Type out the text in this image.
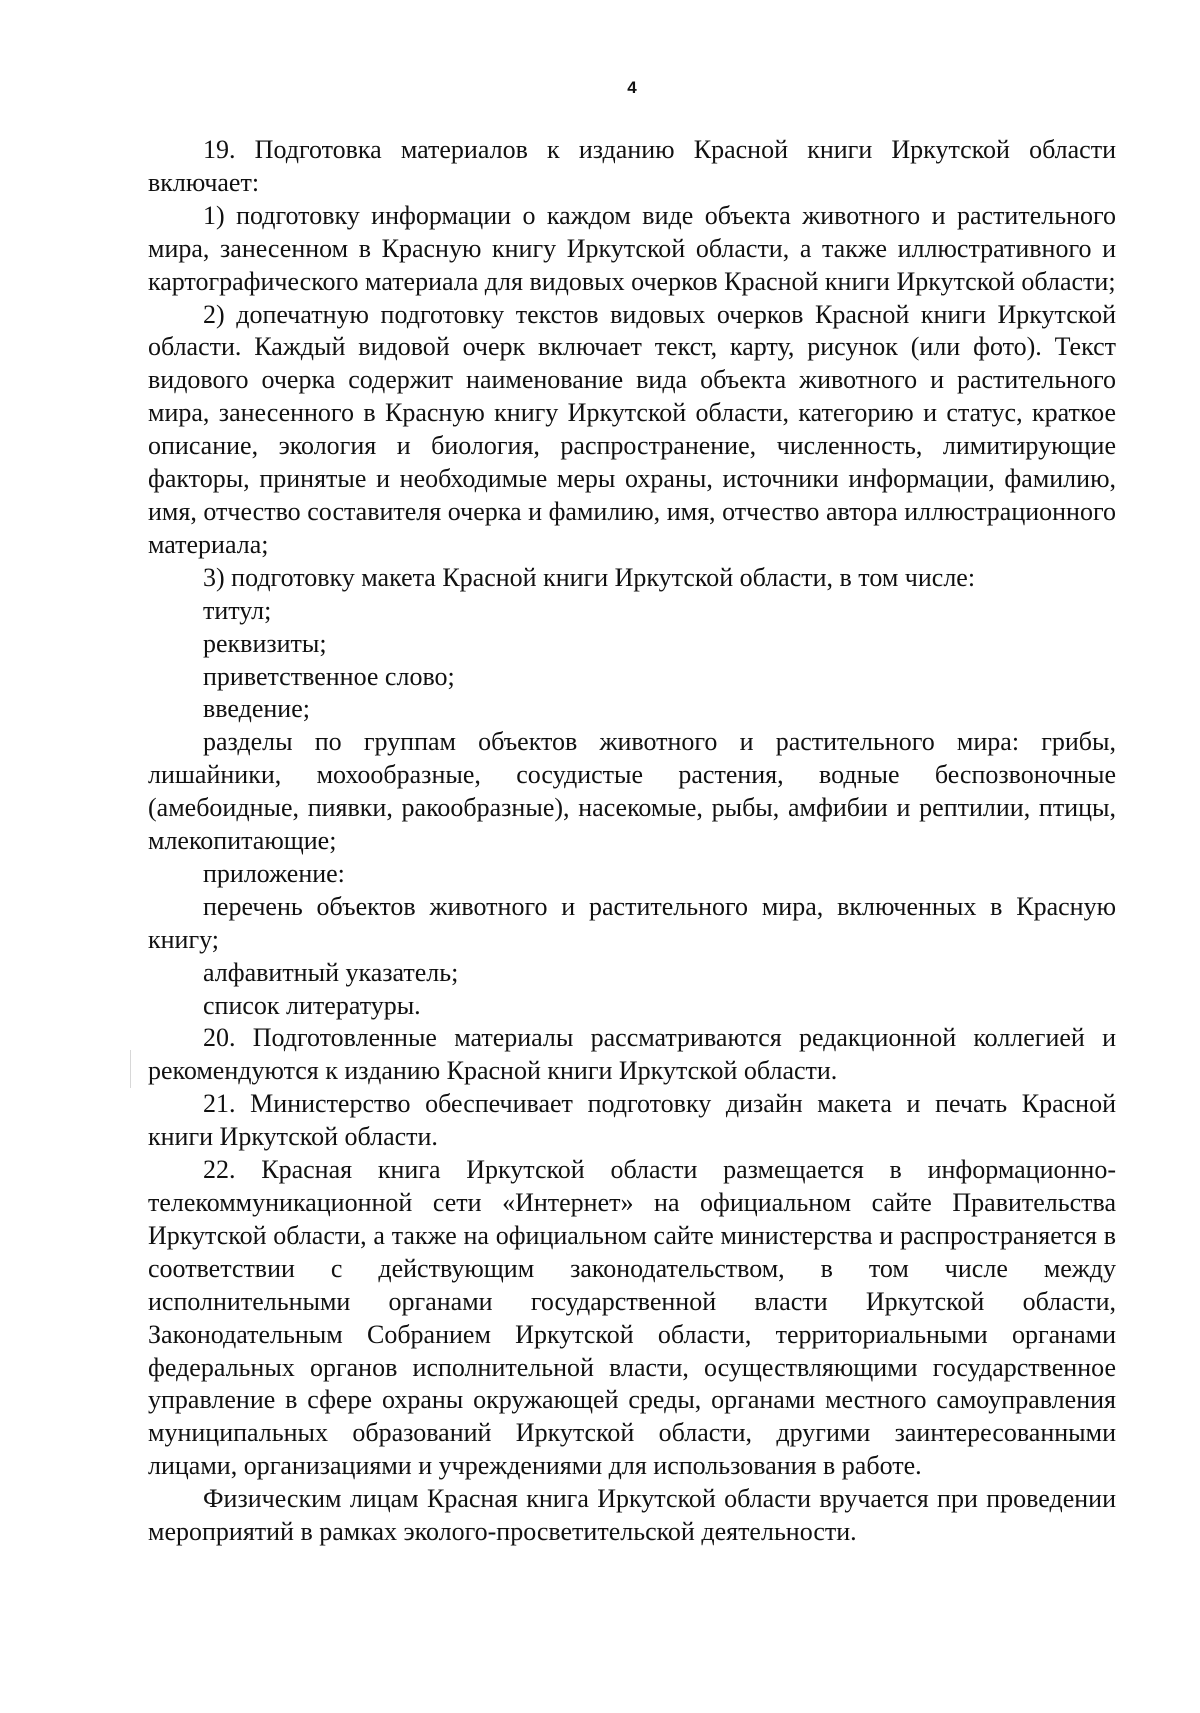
4

19. Подготовка материалов к изданию Красной книги Иркутской области включает:

1) подготовку информации о каждом виде объекта животного и растительного мира, занесенном в Красную книгу Иркутской области, а также иллюстративного и картографического материала для видовых очерков Красной книги Иркутской области;

2) допечатную подготовку текстов видовых очерков Красной книги Иркутской области. Каждый видовой очерк включает текст, карту, рисунок (или фото). Текст видового очерка содержит наименование вида объекта животного и растительного мира, занесенного в Красную книгу Иркутской области, категорию и статус, краткое описание, экология и биология, распространение, численность, лимитирующие факторы, принятые и необходимые меры охраны, источники информации, фамилию, имя, отчество составителя очерка и фамилию, имя, отчество автора иллюстрационного материала;

3) подготовку макета Красной книги Иркутской области, в том числе:

титул;

реквизиты;

приветственное слово;

введение;

разделы по группам объектов животного и растительного мира: грибы, лишайники, мохообразные, сосудистые растения, водные беспозвоночные (амебоидные, пиявки, ракообразные), насекомые, рыбы, амфибии и рептилии, птицы, млекопитающие;

приложение:

перечень объектов животного и растительного мира, включенных в Красную книгу;

алфавитный указатель;

список литературы.

20. Подготовленные материалы рассматриваются редакционной коллегией и рекомендуются к изданию Красной книги Иркутской области.

21. Министерство обеспечивает подготовку дизайн макета и печать Красной книги Иркутской области.

22. Красная книга Иркутской области размещается в информационно-телекоммуникационной сети «Интернет» на официальном сайте Правительства Иркутской области, а также на официальном сайте министерства и распространяется в соответствии с действующим законодательством, в том числе между исполнительными органами государственной власти Иркутской области, Законодательным Собранием Иркутской области, территориальными органами федеральных органов исполнительной власти, осуществляющими государственное управление в сфере охраны окружающей среды, органами местного самоуправления муниципальных образований Иркутской области, другими заинтересованными лицами, организациями и учреждениями для использования в работе.

Физическим лицам Красная книга Иркутской области вручается при проведении мероприятий в рамках эколого-просветительской деятельности.
